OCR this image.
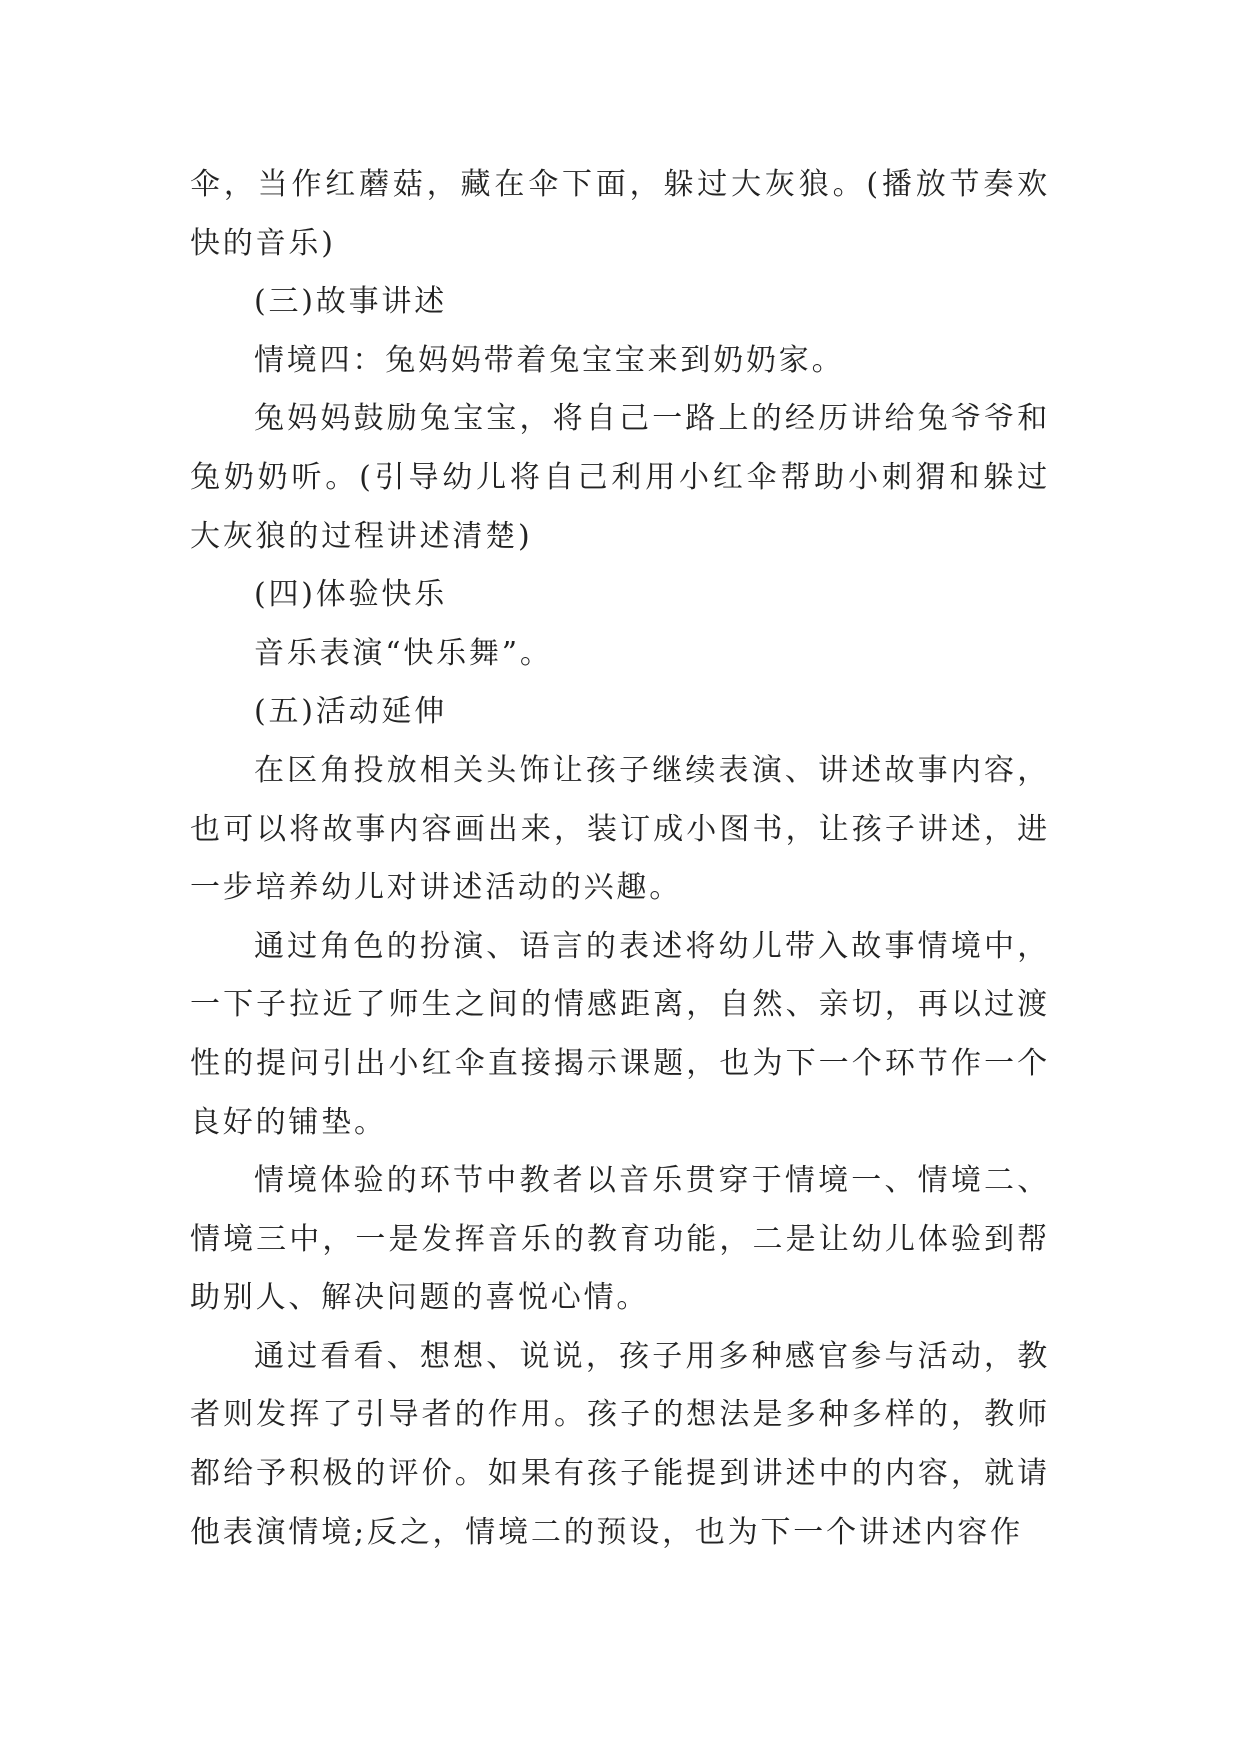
伞，当作红蘑菇，藏在伞下面，躲过大灰狼。(播放节奏欢快的音乐)

(三)故事讲述

情境四：兔妈妈带着兔宝宝来到奶奶家。

兔妈妈鼓励兔宝宝，将自己一路上的经历讲给兔爷爷和兔奶奶听。(引导幼儿将自己利用小红伞帮助小刺猬和躲过大灰狼的过程讲述清楚)

(四)体验快乐

音乐表演“快乐舞”。

(五)活动延伸

在区角投放相关头饰让孩子继续表演、讲述故事内容，也可以将故事内容画出来，装订成小图书，让孩子讲述，进一步培养幼儿对讲述活动的兴趣。

通过角色的扮演、语言的表述将幼儿带入故事情境中，一下子拉近了师生之间的情感距离，自然、亲切，再以过渡性的提问引出小红伞直接揭示课题，也为下一个环节作一个良好的铺垫。

情境体验的环节中教者以音乐贯穿于情境一、情境二、情境三中，一是发挥音乐的教育功能，二是让幼儿体验到帮助别人、解决问题的喜悦心情。

通过看看、想想、说说，孩子用多种感官参与活动，教者则发挥了引导者的作用。孩子的想法是多种多样的，教师都给予积极的评价。如果有孩子能提到讲述中的内容，就请他表演情境;反之，情境二的预设，也为下一个讲述内容作
